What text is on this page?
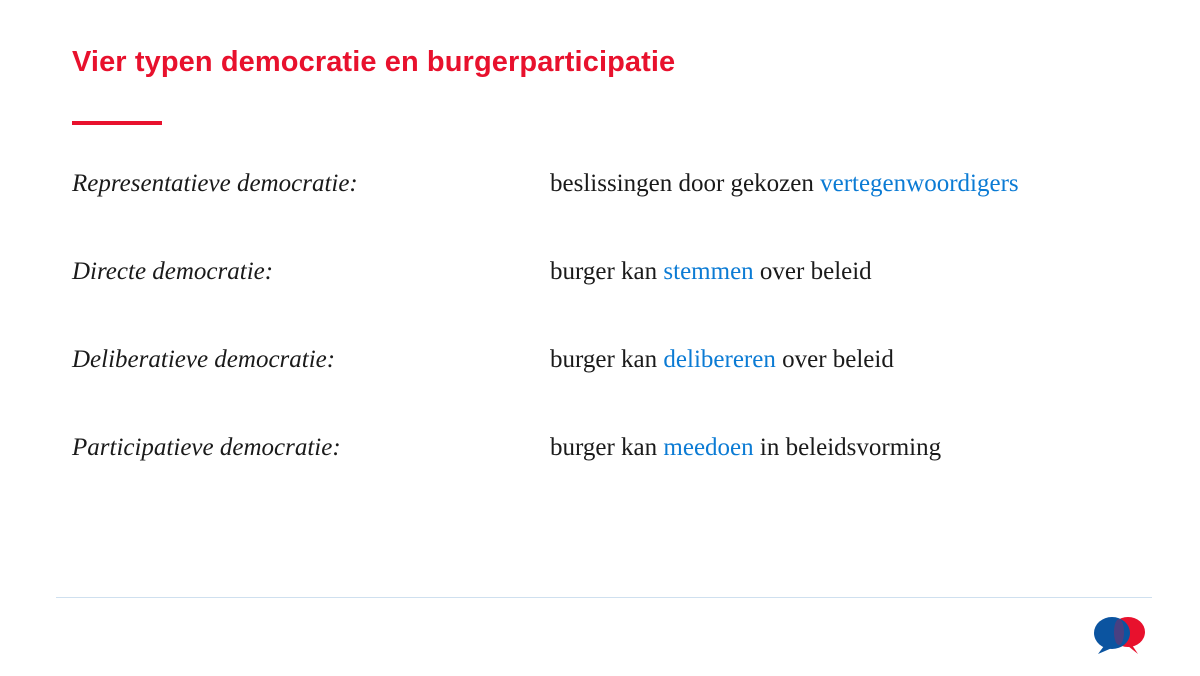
Vier typen democratie en burgerparticipatie
Representatieve democratie:	beslissingen door gekozen vertegenwoordigers
Directe democratie:	burger kan stemmen over beleid
Deliberatieve democratie:	burger kan delibereren over beleid
Participatieve democratie:	burger kan meedoen in beleidsvorming
